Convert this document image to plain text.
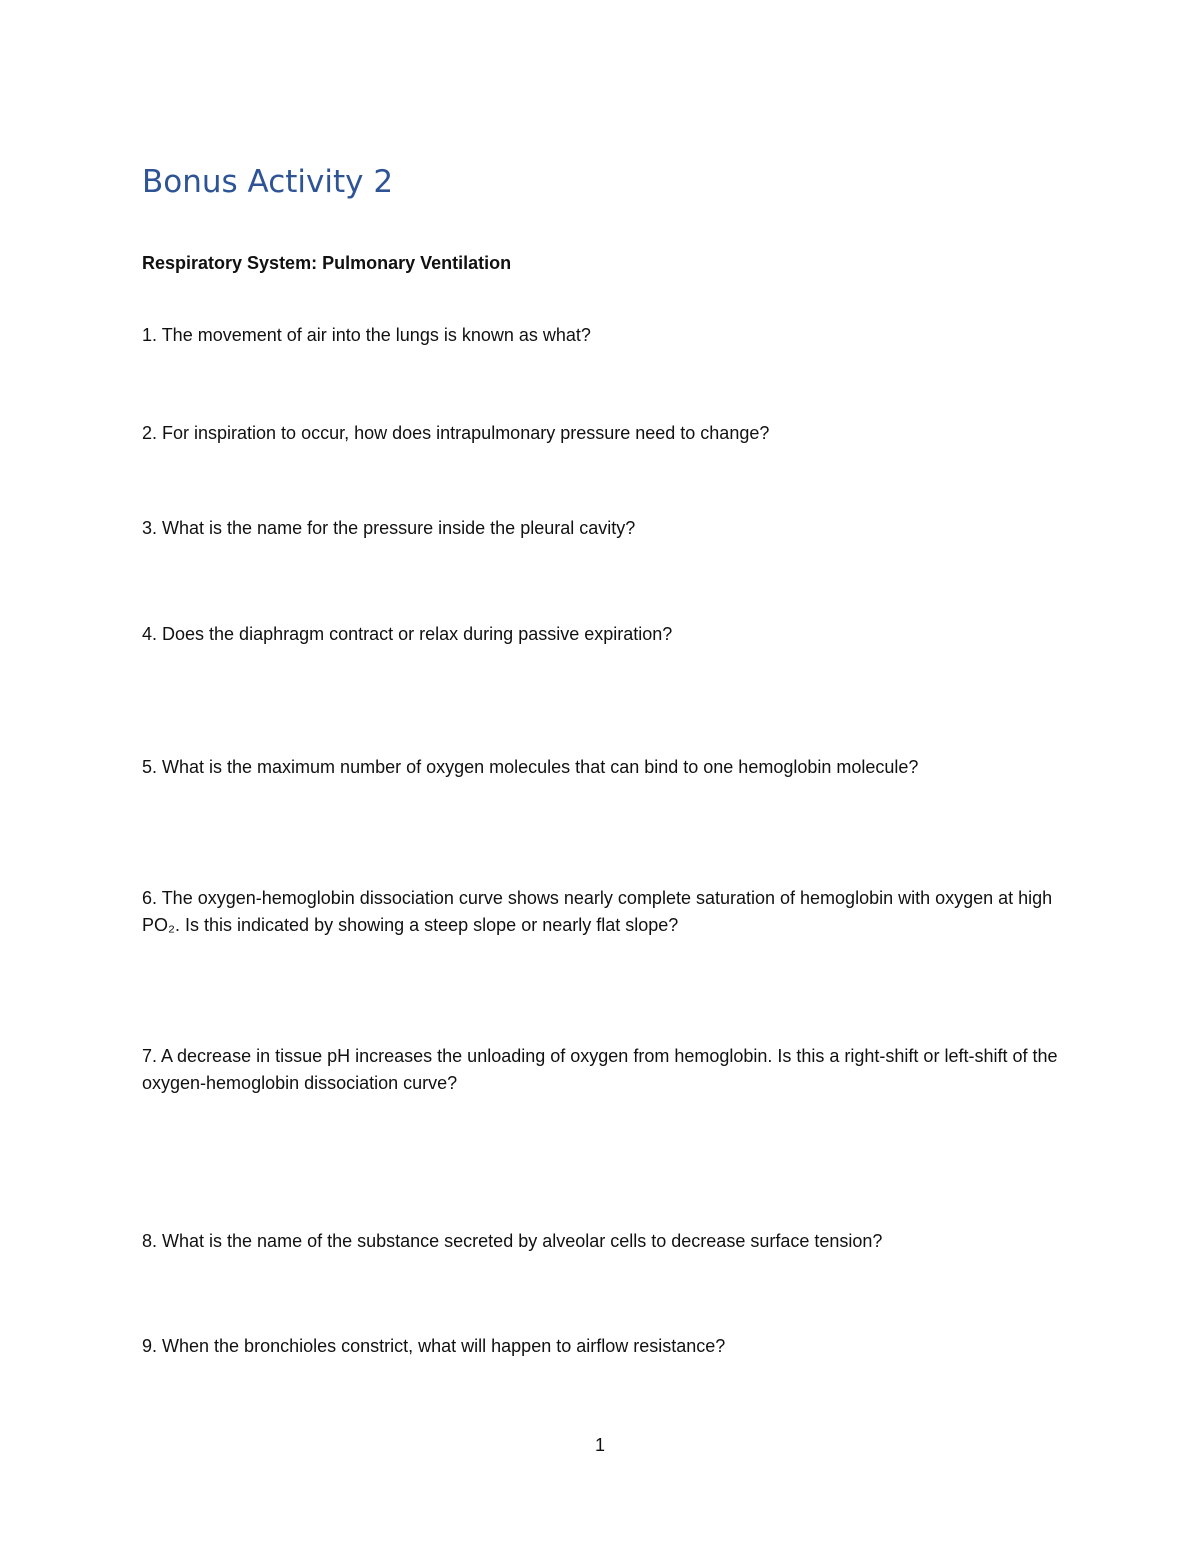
Bonus Activity 2

Respiratory System: Pulmonary Ventilation

1. The movement of air into the lungs is known as what?

2. For inspiration to occur, how does intrapulmonary pressure need to change?

3. What is the name for the pressure inside the pleural cavity?

4. Does the diaphragm contract or relax during passive expiration?

5. What is the maximum number of oxygen molecules that can bind to one hemoglobin molecule?

6. The oxygen-hemoglobin dissociation curve shows nearly complete saturation of hemoglobin with oxygen at high PO₂. Is this indicated by showing a steep slope or nearly flat slope?

7. A decrease in tissue pH increases the unloading of oxygen from hemoglobin. Is this a right-shift or left-shift of the oxygen-hemoglobin dissociation curve?

8. What is the name of the substance secreted by alveolar cells to decrease surface tension?

9. When the bronchioles constrict, what will happen to airflow resistance?

1
